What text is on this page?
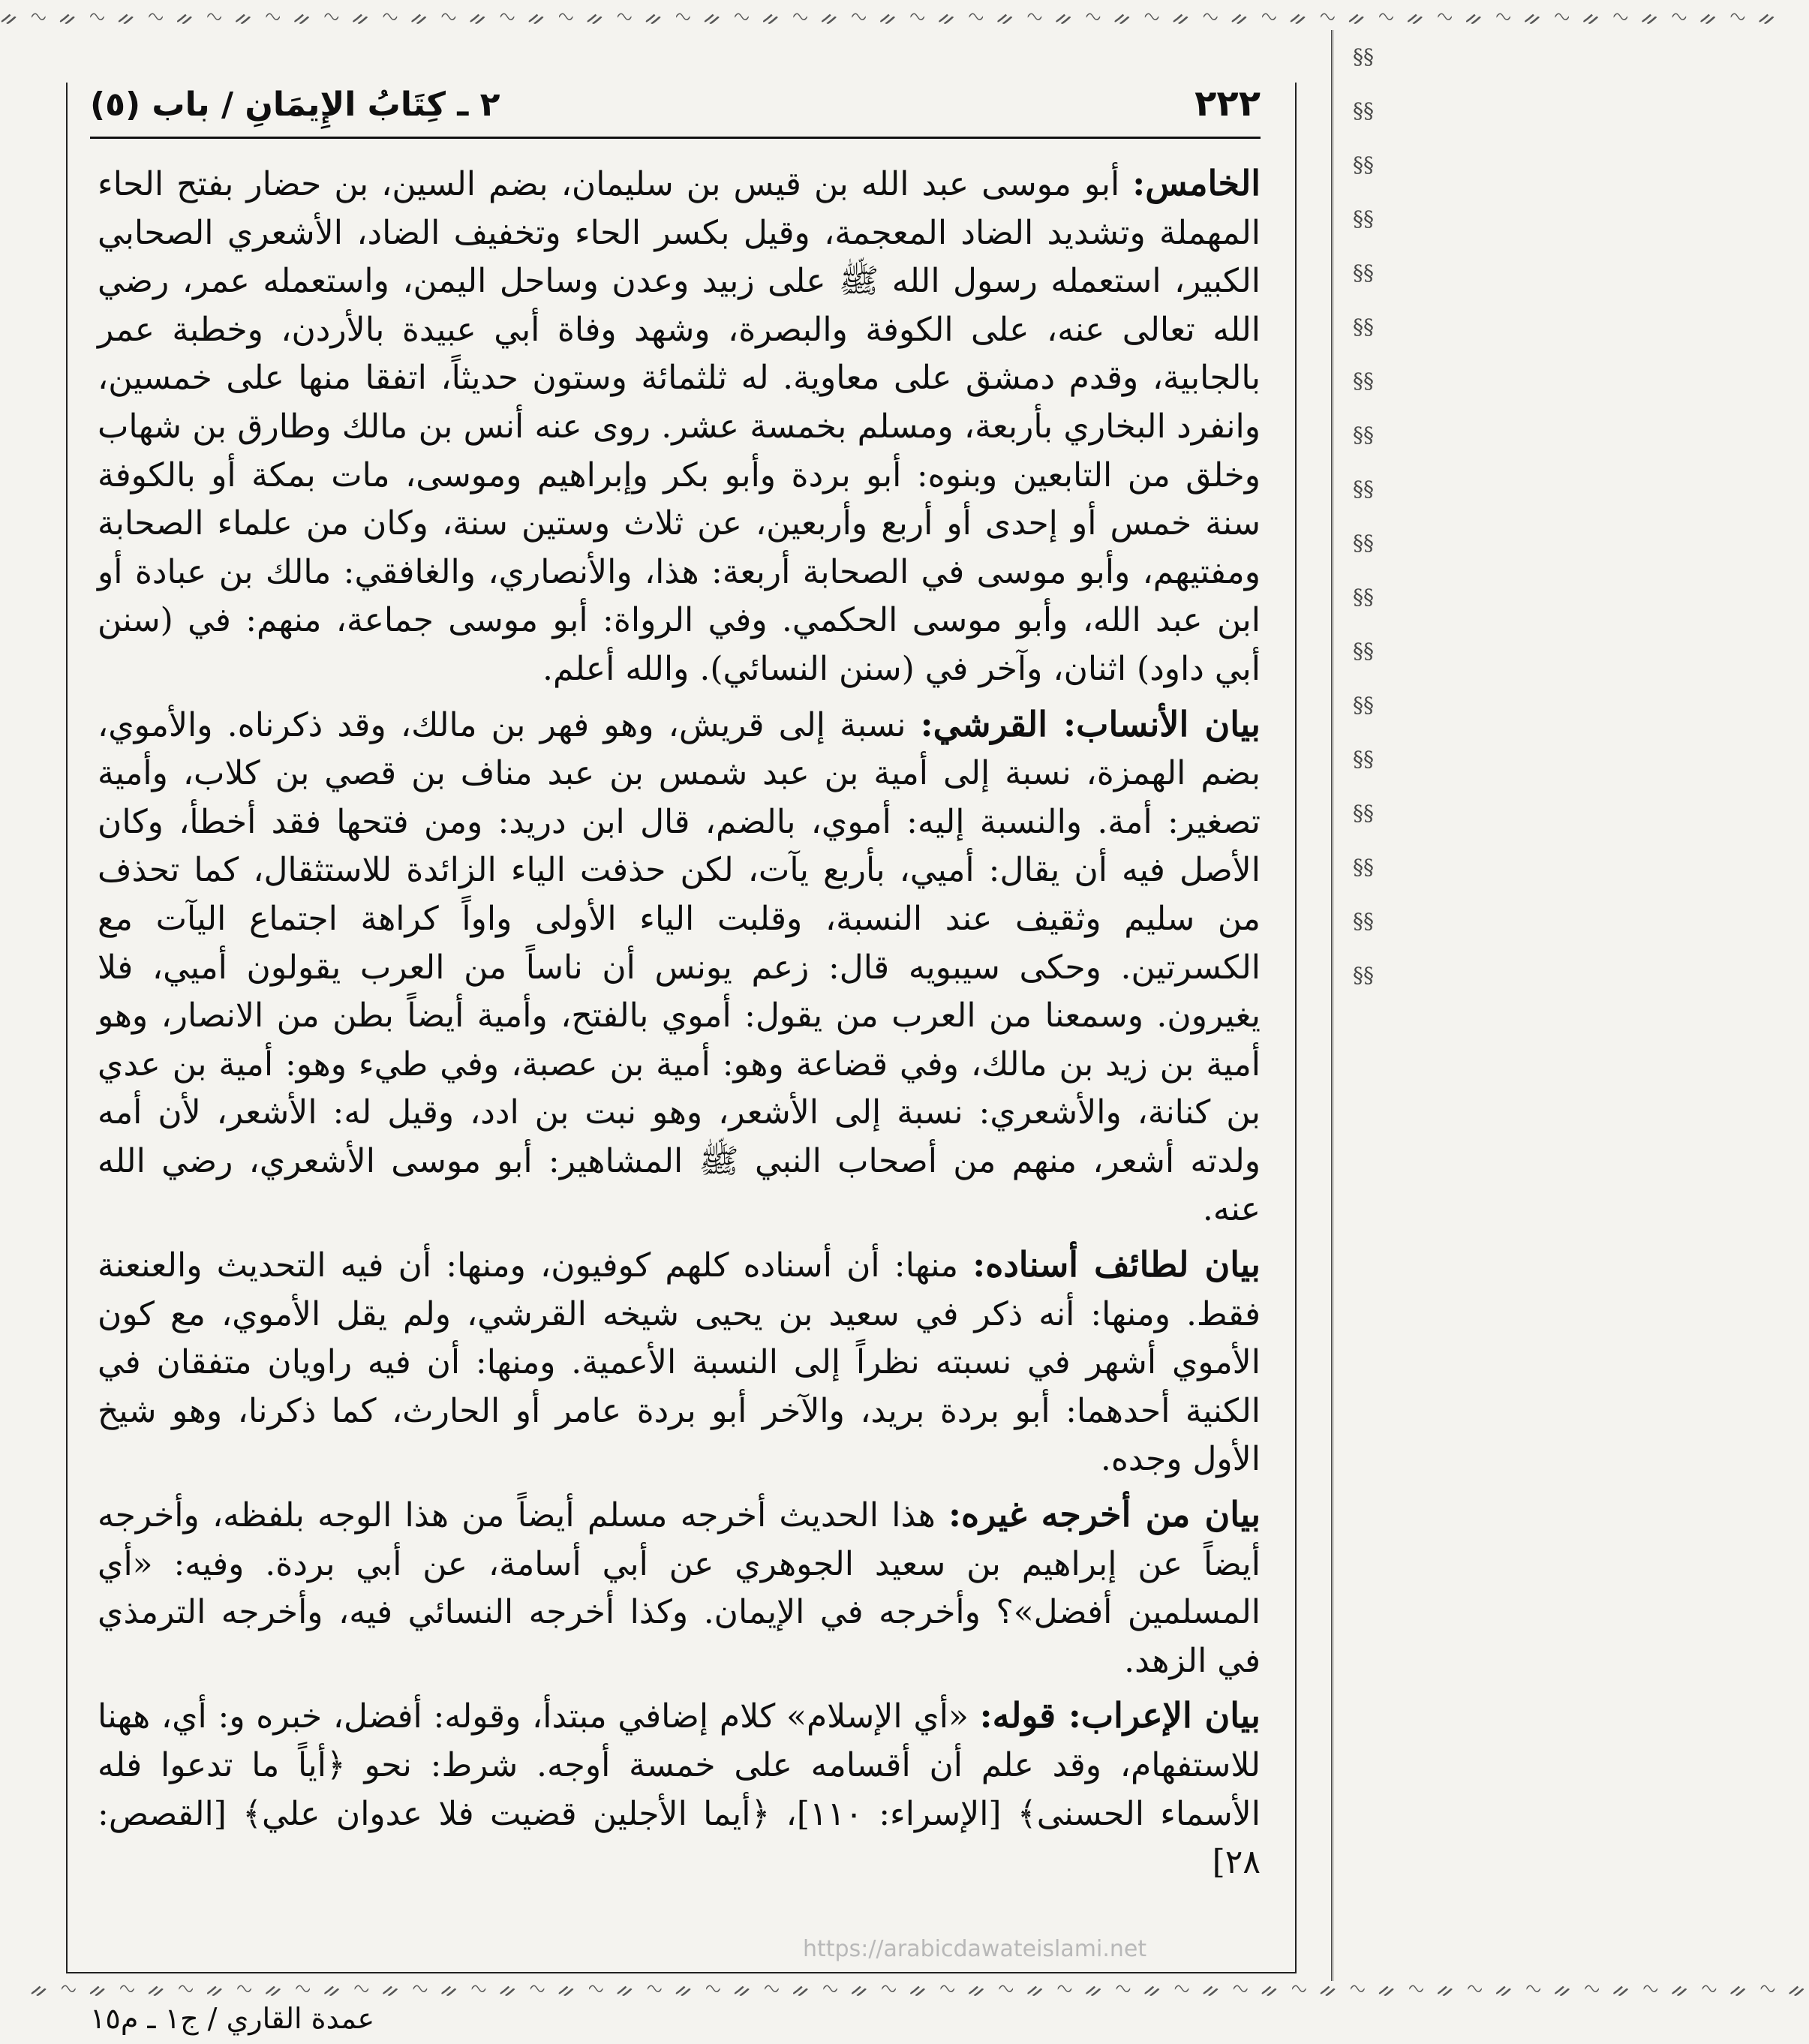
ᨀ ∿ ᨀ ∿ ᨀ ∿ ᨀ ∿ ᨀ ∿ ᨀ ∿ ᨀ ∿ ᨀ ∿ ᨀ ∿ ᨀ ∿ ᨀ ∿ ᨀ ∿ ᨀ ∿ ᨀ ∿ ᨀ ∿ ᨀ ∿ ᨀ ∿ ᨀ ∿ ᨀ ∿ ᨀ ∿ ᨀ ∿ ᨀ ∿ ᨀ ∿ ᨀ ∿ ᨀ ∿ ᨀ ∿ ᨀ ∿ ᨀ ∿ ᨀ ∿ ᨀ ∿ ᨀ
§§§§§§§§§§§§§§§§§§§§§§§§§§§§§§§§§§§§
٢٢٢
٢ ـ كِتَابُ الإِيمَانِ / باب (٥)

الخامس: أبو موسى عبد الله بن قيس بن سليمان، بضم السين، بن حضار بفتح الحاء المهملة وتشديد الضاد المعجمة، وقيل بكسر الحاء وتخفيف الضاد، الأشعري الصحابي الكبير، استعمله رسول الله ﷺ على زبيد وعدن وساحل اليمن، واستعمله عمر، رضي الله تعالى عنه، على الكوفة والبصرة، وشهد وفاة أبي عبيدة بالأردن، وخطبة عمر بالجابية، وقدم دمشق على معاوية. له ثلثمائة وستون حديثاً، اتفقا منها على خمسين، وانفرد البخاري بأربعة، ومسلم بخمسة عشر. روى عنه أنس بن مالك وطارق بن شهاب وخلق من التابعين وبنوه: أبو بردة وأبو بكر وإبراهيم وموسى، مات بمكة أو بالكوفة سنة خمس أو إحدى أو أربع وأربعين، عن ثلاث وستين سنة، وكان من علماء الصحابة ومفتيهم، وأبو موسى في الصحابة أربعة: هذا، والأنصاري، والغافقي: مالك بن عبادة أو ابن عبد الله، وأبو موسى الحكمي. وفي الرواة: أبو موسى جماعة، منهم: في (سنن أبي داود) اثنان، وآخر في (سنن النسائي). والله أعلم.

بيان الأنساب: القرشي: نسبة إلى قريش، وهو فهر بن مالك، وقد ذكرناه. والأموي، بضم الهمزة، نسبة إلى أمية بن عبد شمس بن عبد مناف بن قصي بن كلاب، وأمية تصغير: أمة. والنسبة إليه: أموي، بالضم، قال ابن دريد: ومن فتحها فقد أخطأ، وكان الأصل فيه أن يقال: أميي، بأربع يآت، لكن حذفت الياء الزائدة للاستثقال، كما تحذف من سليم وثقيف عند النسبة، وقلبت الياء الأولى واواً كراهة اجتماع اليآت مع الكسرتين. وحكى سيبويه قال: زعم يونس أن ناساً من العرب يقولون أميي، فلا يغيرون. وسمعنا من العرب من يقول: أموي بالفتح، وأمية أيضاً بطن من الانصار، وهو أمية بن زيد بن مالك، وفي قضاعة وهو: أمية بن عصبة، وفي طيء وهو: أمية بن عدي بن كنانة، والأشعري: نسبة إلى الأشعر، وهو نبت بن ادد، وقيل له: الأشعر، لأن أمه ولدته أشعر، منهم من أصحاب النبي ﷺ المشاهير: أبو موسى الأشعري، رضي الله عنه.

بيان لطائف أسناده: منها: أن أسناده كلهم كوفيون، ومنها: أن فيه التحديث والعنعنة فقط. ومنها: أنه ذكر في سعيد بن يحيى شيخه القرشي، ولم يقل الأموي، مع كون الأموي أشهر في نسبته نظراً إلى النسبة الأعمية. ومنها: أن فيه راويان متفقان في الكنية أحدهما: أبو بردة بريد، والآخر أبو بردة عامر أو الحارث، كما ذكرنا، وهو شيخ الأول وجده.

بيان من أخرجه غيره: هذا الحديث أخرجه مسلم أيضاً من هذا الوجه بلفظه، وأخرجه أيضاً عن إبراهيم بن سعيد الجوهري عن أبي أسامة، عن أبي بردة. وفيه: «أي المسلمين أفضل»؟ وأخرجه في الإيمان. وكذا أخرجه النسائي فيه، وأخرجه الترمذي في الزهد.

بيان الإعراب: قوله: «أي الإسلام» كلام إضافي مبتدأ، وقوله: أفضل، خبره و: أي، ههنا للاستفهام، وقد علم أن أقسامه على خمسة أوجه. شرط: نحو ﴿أياً ما تدعوا فله الأسماء الحسنى﴾ [الإسراء: ١١٠]، ﴿أيما الأجلين قضيت فلا عدوان علي﴾ [القصص: ٢٨]

https://arabicdawateislami.net
ᨀ ∿ ᨀ ∿ ᨀ ∿ ᨀ ∿ ᨀ ∿ ᨀ ∿ ᨀ ∿ ᨀ ∿ ᨀ ∿ ᨀ ∿ ᨀ ∿ ᨀ ∿ ᨀ ∿ ᨀ ∿ ᨀ ∿ ᨀ ∿ ᨀ ∿ ᨀ ∿ ᨀ ∿ ᨀ ∿ ᨀ ∿ ᨀ ∿ ᨀ ∿ ᨀ ∿ ᨀ ∿ ᨀ ∿ ᨀ ∿ ᨀ ∿ ᨀ ∿ ᨀ ∿ ᨀ
عمدة القاري / ج١ ـ م١٥
